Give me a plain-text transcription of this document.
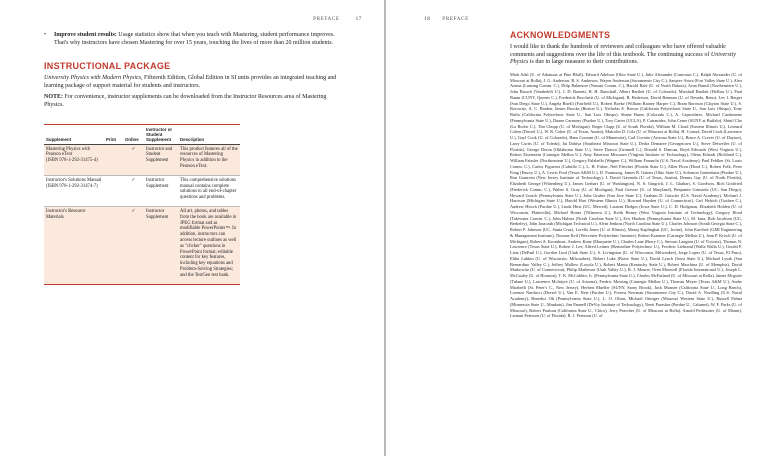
PREFACE	17
•	Improve student results: Usage statistics show that when you teach with Mastering, student performance improves. That's why instructors have chosen Mastering for over 15 years, touching the lives of more than 20 million students.
INSTRUCTIONAL PACKAGE

University Physics with Modern Physics, Fifteenth Edition, Global Edition in SI units provides an integrated teaching and learning package of support material for students and instructors.

NOTE: For convenience, instructor supplements can be downloaded from the Instructor Resources area of Mastering Physics.

Supplement	Print	Online	Instructor or Student Supplement	Description
Mastering Physics with Pearson eText
(ISBN 978-1-292-31475-4)		✓	Instructor and Student Supplement	This product features all of the resources of Mastering Physics in addition to the Pearson eText.
Instructor's Solutions Manual
(ISBN 978-1-292-31474-7)		✓	Instructor Supplement	This comprehensive solutions manual contains complete solutions to all end-of-chapter questions and problems.
Instructor's Resource Materials		✓	Instructor Supplement	All art, photos, and tables from the book are available in JPEG format and as modifiable PowerPoints™. In addition, instructors can access lecture outlines as well as "clicker" questions in PowerPoint format; editable content for key features, including key equations and Problem-Solving Strategies; and the TestGen test bank.
18 PREFACE
ACKNOWLEDGMENTS

I would like to thank the hundreds of reviewers and colleagues who have offered valuable comments and suggestions over the life of this textbook. The continuing success of University Physics is due in large measure to their contributions.

Miah Adel (U. of Arkansas at Pine Bluff), Edward Adelson (Ohio State U.), Julie Alexander (Camosun C.), Ralph Alexander (U. of Missouri at Rolla), J. G. Anderson, R. S. Anderson, Wayne Anderson (Sacramento City C.), Sanjeev Arora (Fort Valley State U.), Alex Azima (Lansing Comm. C.), Dilip Balamore (Nassau Comm. C.), Harold Bale (U. of North Dakota), Arun Bansil (Northeastern U.), John Barach (Vanderbilt U.), J. D. Barnett, H. H. Barschall, Albert Bartlett (U. of Colorado), Marshall Bartlett (Hollins U.), Paul Baum (CUNY, Queens C.), Frederick Becchetti (U. of Michigan), B. Bederson, David Bennum (U. of Nevada, Reno), Lev I. Berger (San Diego State U.), Angela Biselli (Fairfield U.), Robert Boeke (William Rainey Harper C.), Bram Boroson (Clayton State U.), S. Borowitz, A. C. Braden, James Brooks (Boston U.), Nicholas E. Brown (California Polytechnic State U., San Luis Obispo), Tony Buffa (California Polytechnic State U., San Luis Obispo), Shane Burns (Colorado C.), A. Capecelatro, Michael Cardamone (Pennsylvania State U.), Duane Carmony (Purdue U.), Troy Carter (UCLA), P. Catranides, John Cerne (SUNY at Buffalo), Shinil Cho (La Roche C.), Tim Chupp (U. of Michigan), Roger Clapp (U. of South Florida), William M. Cloud (Eastern Illinois U.), Leonard Cohen (Drexel U.), W. R. Coker (U. of Texas, Austin), Malcolm D. Cole (U. of Missouri at Rolla), H. Conrad, David Cook (Lawrence U.), Gayl Cook (U. of Colorado), Hans Courant (U. of Minnesota), Carl Covatto (Arizona State U.), Bruce A. Craver (U. of Dayton), Larry Curtis (U. of Toledo), Jai Dahiya (Southeast Missouri State U.), Dedra Demaree (Georgetown U.), Steve Detweiler (U. of Florida), George Dixon (Oklahoma State U.), Steve Drasco (Grinnell C.), Donald S. Duncan, Boyd Edwards (West Virginia U.), Robert Eisenstein (Carnegie Mellon U.), Amy Emerson Missourn (Virginia Institute of Technology), Olena Erhardt (Richland C.), William Faissler (Northeastern U.), Gregory Falabella (Wagner C.), William Fasnacht (U.S. Naval Academy), Paul Feldker (St. Louis Comm. C.), Carlos Figueroa (Cabrillo C.), L. H. Fisher, Neil Fletcher (Florida State U.), Allen Flora (Hood C.), Robert Folk, Peter Fong (Emory U.), A. Lewis Ford (Texas A&M U.), D. Frantszog, James R. Gaines (Ohio State U.), Solomon Gartenhaus (Purdue U.), Ron Gautreau (New Jersey Institute of Technology), J. David Gavenda (U. of Texas, Austin), Dennis Gay (U. of North Florida), Elizabeth George (Wittenberg U.), James Gerhart (U. of Washington), N. S. Gingrich, J. L. Glathart, S. Goodwin, Rich Gottfried (Frederick Comm. C.), Walter S. Gray (U. of Michigan), Paul Gresser (U. of Maryland), Benjamin Grinstein (UC, San Diego), Howard Grotch (Pennsylvania State U.), John Gruber (San Jose State U.), Graham D. Gutsche (U.S. Naval Academy), Michael J. Harrison (Michigan State U.), Harold Hart (Western Illinois U.), Howard Hayden (U. of Connecticut), Carl Helrich (Goshen C.), Andrew Hirsch (Purdue U.), Linda Hirst (UC, Merced), Laurent Hodges (Iowa State U.), C. D. Hodgman, Elizabeth Holden (U. of Wisconsin, Platteville), Michael Hones (Villanova U.), Keith Honey (West Virginia Institute of Technology), Gregory Hood (Tidewater Comm. C.), John Hubisz (North Carolina State U.), Eric Hudson (Pennsylvania State U.), M. Iona, Bob Jacobsen (UC, Berkeley), John Jaszczak (Michigan Technical U.), Alvin Jenkins (North Carolina State U.), Charles Johnson (South Georgia State C.), Robert P. Johnson (UC, Santa Cruz), Lorella Jones (U. of Illinois), Manoj Kaplinghat (UC, Irvine), John Karchek (GMI Engineering & Management Institute), Thomas Keil (Worcester Polytechnic Institute), Robert Kraemer (Carnegie Mellon U.), Jean P. Krisch (U. of Michigan), Robert A. Kromhout, Andrew Kunz (Marquette U.), Charles Lane (Berry C.), Stewart Langton (U. of Victoria), Thomas N. Lawrence (Texas State U.), Robert J. Lee, Alfred Leitner (Rensselaer Polytechnic U.), Frederic Liebrand (Walla Walla U.), Gerald P. Lietz (DePaul U.), Gordon Lind (Utah State U.), S. Livingston (U. of Wisconsin, Milwaukee), Jorge Lopez (U. of Texas, El Paso), Elihu Lubkin (U. of Wisconsin, Milwaukee), Robert Luke (Boise State U.), David Lynch (Iowa State U.), Michael Lysak (San Bernardino Valley C.), Jeffrey Mallow (Loyola U.), Robert Mania (Kentucky State U.), Robert Marchina (U. of Memphis), David Markowitz (U. of Connecticut), Philip Matheson (Utah Valley U.), R. J. Maurer, Oren Maxwell (Florida International U.), Joseph L. McCauley (U. of Houston), T. K. McCubbin, Jr. (Pennsylvania State U.), Charles McFarland (U. of Missouri at Rolla), James Mcguire (Tulane U.), Lawrence McIntyre (U. of Arizona), Fredric Messing (Carnegie Mellon U.), Thomas Meyer (Texas A&M U.), Andre Mirabelli (St. Peter's C., New Jersey), Herbert Mueller (SUNY, Stony Brook), Jack Munsee (California State U., Long Beach), Lorenzo Narducci (Drexel U.), Van E. Neie (Purdue U.), Forrest Newman (Sacramento City C.), David A. Nordling (U.S. Naval Academy), Benedict Oh (Pennsylvania State U.), L. O. Olsen, Michael Ottinger (Missouri Western State U.), Russell Palma (Minnesota State U., Mankato), Jim Pannell (DeVry Institute of Technology), Neeti Parashar (Purdue U., Calumet), W. F. Parks (U. of Missouri), Robert Paulson (California State U., Chico), Jerry Pearcher (U. of Missouri at Rolla), Arnold Perlmutter (U. of Miami), Lennart Peterson (U. of Florida), R. J. Peterson (U. of
